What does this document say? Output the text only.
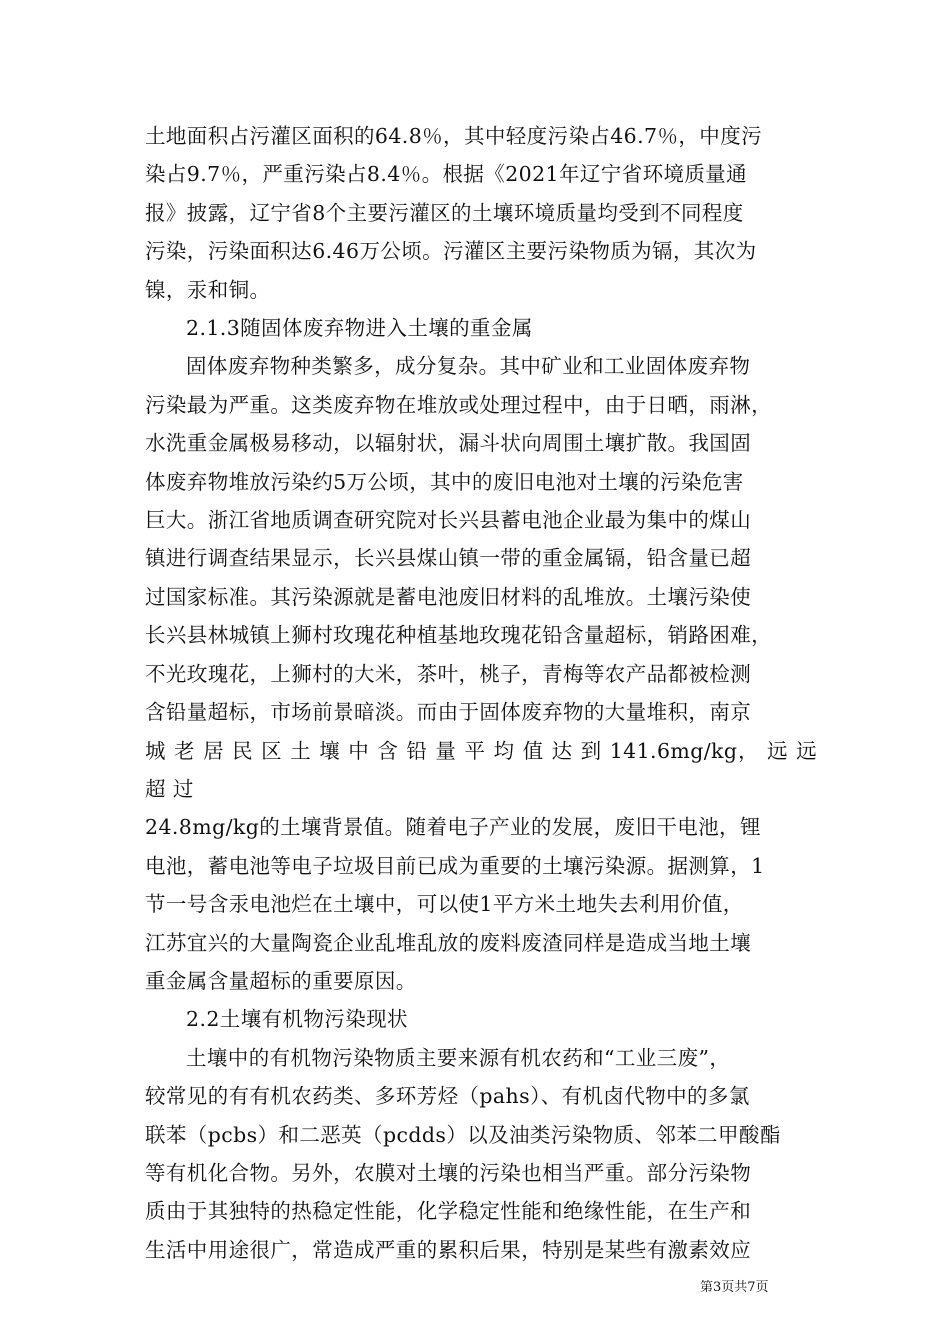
土地面积占污灌区面积的64.8％，其中轻度污染占46.7％，中度污
染占9.7％，严重污染占8.4％。根据《2021年辽宁省环境质量通
报》披露，辽宁省8个主要污灌区的土壤环境质量均受到不同程度
污染，污染面积达6.46万公顷。污灌区主要污染物质为镉，其次为
镍，汞和铜。

2.1.3随固体废弃物进入土壤的重金属

固体废弃物种类繁多，成分复杂。其中矿业和工业固体废弃物
污染最为严重。这类废弃物在堆放或处理过程中，由于日晒，雨淋，
水洗重金属极易移动，以辐射状，漏斗状向周围土壤扩散。我国固
体废弃物堆放污染约5万公顷，其中的废旧电池对土壤的污染危害
巨大。浙江省地质调查研究院对长兴县蓄电池企业最为集中的煤山
镇进行调查结果显示，长兴县煤山镇一带的重金属镉，铅含量已超
过国家标准。其污染源就是蓄电池废旧材料的乱堆放。土壤污染使
长兴县林城镇上狮村玫瑰花种植基地玫瑰花铅含量超标，销路困难，
不光玫瑰花，上狮村的大米，茶叶，桃子，青梅等农产品都被检测
含铅量超标，市场前景暗淡。而由于固体废弃物的大量堆积，南京
城 老 居 民 区 土 壤 中 含 铅 量 平 均 值 达 到 141.6mg/kg， 远 远 超 过
24.8mg/kg的土壤背景值。随着电子产业的发展，废旧干电池，锂
电池，蓄电池等电子垃圾目前已成为重要的土壤污染源。据测算，1
节一号含汞电池烂在土壤中，可以使1平方米土地失去利用价值，
江苏宜兴的大量陶瓷企业乱堆乱放的废料废渣同样是造成当地土壤
重金属含量超标的重要原因。

2.2土壤有机物污染现状

土壤中的有机物污染物质主要来源有机农药和“工业三废”，
较常见的有有机农药类、多环芳烃（pahs）、有机卤代物中的多氯
联苯（pcbs）和二恶英（pcdds）以及油类污染物质、邻苯二甲酸酯
等有机化合物。另外，农膜对土壤的污染也相当严重。部分污染物
质由于其独特的热稳定性能，化学稳定性能和绝缘性能，在生产和
生活中用途很广，常造成严重的累积后果，特别是某些有激素效应

第3页共7页
